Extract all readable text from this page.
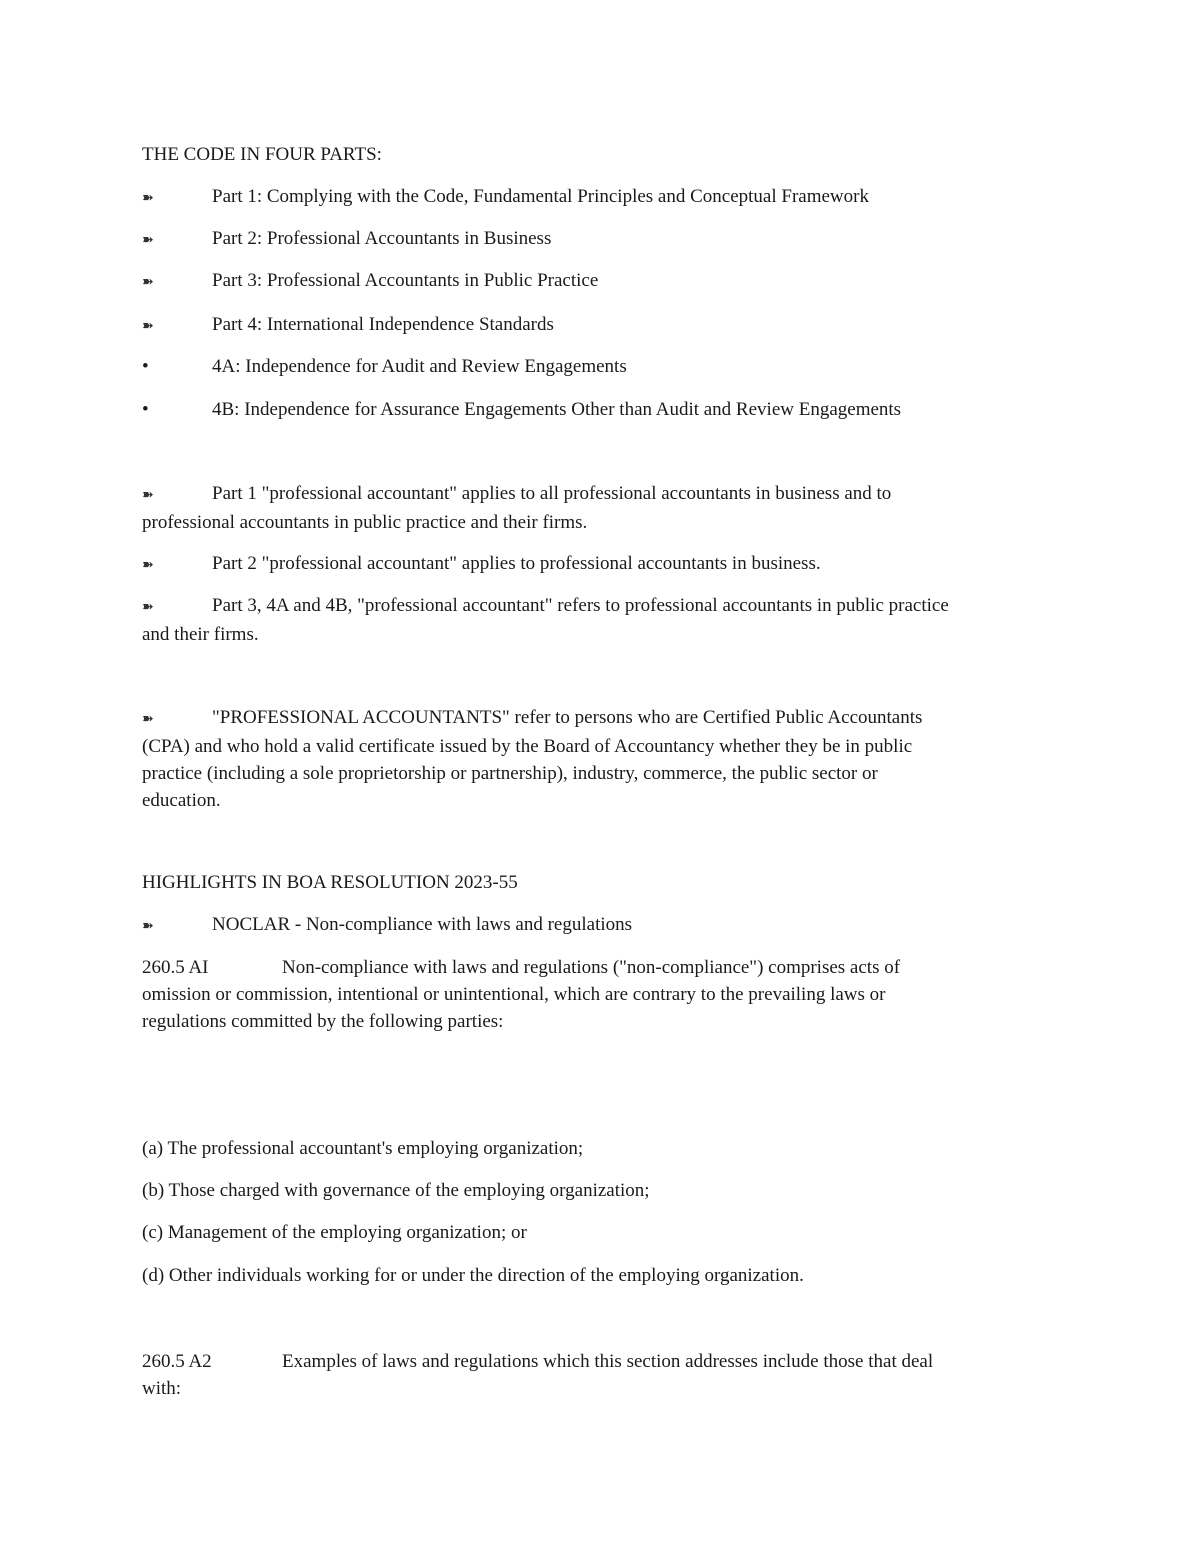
THE CODE IN FOUR PARTS:
➽	Part 1: Complying with the Code, Fundamental Principles and Conceptual Framework
➽	Part 2: Professional Accountants in Business
➽	Part 3: Professional Accountants in Public Practice
➽	Part 4: International Independence Standards
•	4A: Independence for Audit and Review Engagements
•	4B: Independence for Assurance Engagements Other than Audit and Review Engagements
➽	Part 1 "professional accountant" applies to all professional accountants in business and to
professional accountants in public practice and their firms.
➽	Part 2 "professional accountant" applies to professional accountants in business.
➽	Part 3, 4A and 4B, "professional accountant" refers to professional accountants in public practice
and their firms.
➽	"PROFESSIONAL ACCOUNTANTS" refer to persons who are Certified Public Accountants
(CPA) and who hold a valid certificate issued by the Board of Accountancy whether they be in public
practice (including a sole proprietorship or partnership), industry, commerce, the public sector or
education.
HIGHLIGHTS IN BOA RESOLUTION 2023-55
➽	NOCLAR - Non-compliance with laws and regulations
260.5 AI	Non-compliance with laws and regulations ("non-compliance") comprises acts of
omission or commission, intentional or unintentional, which are contrary to the prevailing laws or
regulations committed by the following parties:
(a) The professional accountant's employing organization;
(b) Those charged with governance of the employing organization;
(c) Management of the employing organization; or
(d) Other individuals working for or under the direction of the employing organization.
260.5 A2	Examples of laws and regulations which this section addresses include those that deal
with:
